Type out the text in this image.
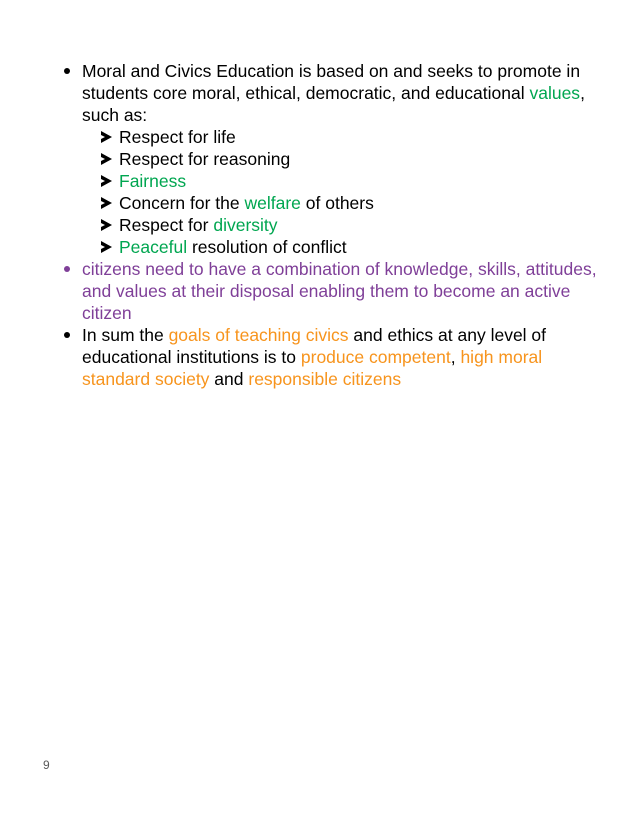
Moral and Civics Education is based on and seeks to promote in students core moral, ethical, democratic, and educational values, such as:
Respect for life
Respect for reasoning
Fairness
Concern for the welfare of others
Respect for diversity
Peaceful resolution of conflict
citizens need to have a combination of knowledge, skills, attitudes, and values at their disposal enabling them to become an active citizen
In sum the goals of teaching civics and ethics at any level of educational institutions is to produce competent, high moral standard society and responsible citizens
9
